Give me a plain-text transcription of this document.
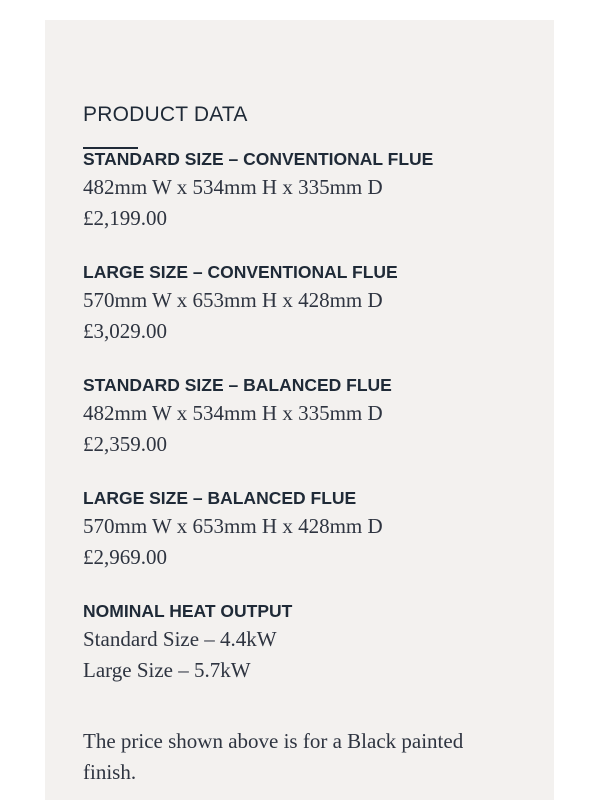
PRODUCT DATA

STANDARD SIZE – CONVENTIONAL FLUE

482mm W x 534mm H x 335mm D

£2,199.00

LARGE SIZE – CONVENTIONAL FLUE

570mm W x 653mm H x 428mm D

£3,029.00

STANDARD SIZE – BALANCED FLUE

482mm W x 534mm H x 335mm D

£2,359.00

LARGE SIZE – BALANCED FLUE

570mm W x 653mm H x 428mm D

£2,969.00

NOMINAL HEAT OUTPUT

Standard Size – 4.4kW

Large Size – 5.7kW

The price shown above is for a Black painted finish.
